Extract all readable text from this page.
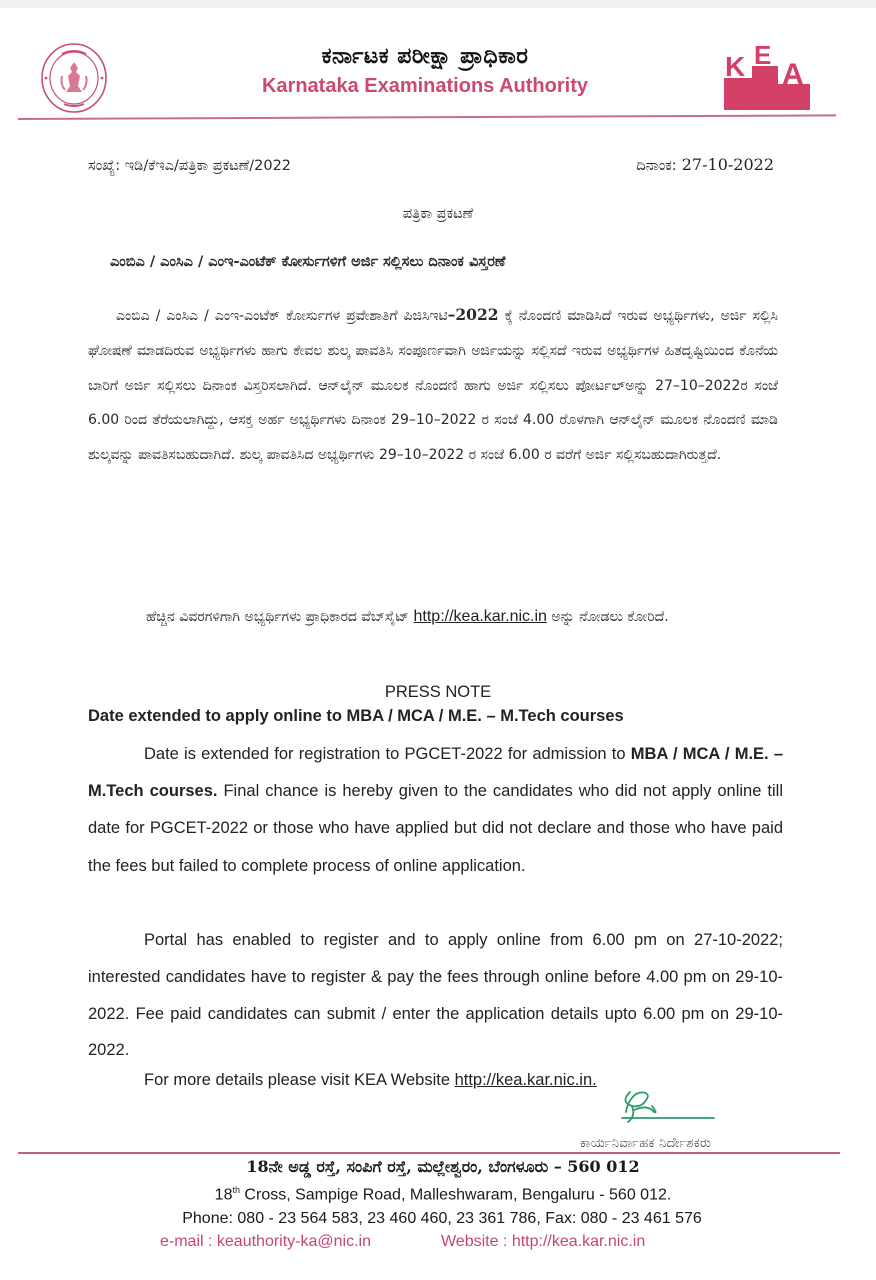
ಕರ್ನಾಟಕ ಪರೀಕ್ಷಾ ಪ್ರಾಧಿಕಾರ
Karnataka Examinations Authority
K E
A
ಸಂಖ್ಯೆ: ಇಡಿ/ಕೆಇಎ/ಪತ್ರಿಕಾ ಪ್ರಕಟಣೆ/2022	ದಿನಾಂಕ: 27-10-2022
ಪತ್ರಿಕಾ ಪ್ರಕಟಣೆ
ಎಂಬಿಎ / ಎಂಸಿಎ / ಎಂಇ-ಎಂಟೆಕ್ ಕೋರ್ಸುಗಳಿಗೆ ಅರ್ಜಿ ಸಲ್ಲಿಸಲು ದಿನಾಂಕ ವಿಸ್ತರಣೆ
ಎಂಬಿಎ / ಎಂಸಿಎ / ಎಂಇ-ಎಂಟೆಕ್ ಕೋರ್ಸುಗಳ ಪ್ರವೇಶಾತಿಗೆ ಪಿಜಿಸಿಇಟಿ–2022 ಕ್ಕೆ ನೊಂದಣಿ ಮಾಡಿಸಿದೆ ಇರುವ ಅಭ್ಯರ್ಥಿಗಳು, ಅರ್ಜಿ ಸಲ್ಲಿಸಿ ಘೋಷಣೆ ಮಾಡದಿರುವ ಅಭ್ಯರ್ಥಿಗಳು ಹಾಗು ಕೇವಲ ಶುಲ್ಕ ಪಾವತಿಸಿ ಸಂಪೂರ್ಣವಾಗಿ ಅರ್ಜಿಯನ್ನು ಸಲ್ಲಿಸದೆ ಇರುವ ಅಭ್ಯರ್ಥಿಗಳ ಹಿತದೃಷ್ಟಿಯಿಂದ ಕೊನೆಯ ಬಾರಿಗೆ ಅರ್ಜಿ ಸಲ್ಲಿಸಲು ದಿನಾಂಕ ವಿಸ್ತರಿಸಲಾಗಿದೆ. ಆನ್‌ಲೈನ್ ಮೂಲಕ ನೊಂದಣಿ ಹಾಗು ಅರ್ಜಿ ಸಲ್ಲಿಸಲು ಪೋರ್ಟಲ್‌ಅನ್ನು 27–10–2022ರ ಸಂಜೆ 6.00 ರಿಂದ ತೆರೆಯಲಾಗಿದ್ದು, ಆಸಕ್ತ ಅರ್ಹ ಅಭ್ಯರ್ಥಿಗಳು ದಿನಾಂಕ 29–10–2022 ರ ಸಂಜೆ 4.00 ರೊಳಗಾಗಿ ಆನ್‌ಲೈನ್ ಮೂಲಕ ನೊಂದಣಿ ಮಾಡಿ ಶುಲ್ಕವನ್ನು ಪಾವತಿಸಬಹುದಾಗಿದೆ. ಶುಲ್ಕ ಪಾವತಿಸಿದ ಅಭ್ಯರ್ಥಿಗಳು 29–10–2022 ರ ಸಂಜೆ 6.00 ರ ವರೆಗೆ ಅರ್ಜಿ ಸಲ್ಲಿಸಬಹುದಾಗಿರುತ್ತದೆ.
ಹೆಚ್ಚಿನ ವಿವರಗಳಿಗಾಗಿ ಅಭ್ಯರ್ಥಿಗಳು ಪ್ರಾಧಿಕಾರದ ವೆಬ್‌ಸೈಟ್ http://kea.kar.nic.in ಅನ್ನು ನೋಡಲು ಕೋರಿದೆ.
PRESS NOTE
Date extended to apply online to MBA / MCA / M.E. – M.Tech courses
Date is extended for registration to PGCET-2022 for admission to MBA / MCA / M.E. – M.Tech courses. Final chance is hereby given to the candidates who did not apply online till date for PGCET-2022 or those who have applied but did not declare and those who have paid the fees but failed to complete process of online application.
Portal has enabled to register and to apply online from 6.00 pm on 27-10-2022; interested candidates have to register & pay the fees through online before 4.00 pm on 29-10-2022. Fee paid candidates can submit / enter the application details upto 6.00 pm on 29-10-2022.
For more details please visit KEA Website http://kea.kar.nic.in.
ಕಾರ್ಯನಿರ್ವಾಹಕ ನಿರ್ದೇಶಕರು
18ನೇ ಅಡ್ಡ ರಸ್ತೆ, ಸಂಪಿಗೆ ರಸ್ತೆ, ಮಲ್ಲೇಶ್ವರಂ, ಬೆಂಗಳೂರು – 560 012
18th Cross, Sampige Road, Malleshwaram, Bengaluru - 560 012.
Phone: 080 - 23 564 583, 23 460 460, 23 361 786, Fax: 080 - 23 461 576
e-mail : keauthority-ka@nic.in	Website : http://kea.kar.nic.in
